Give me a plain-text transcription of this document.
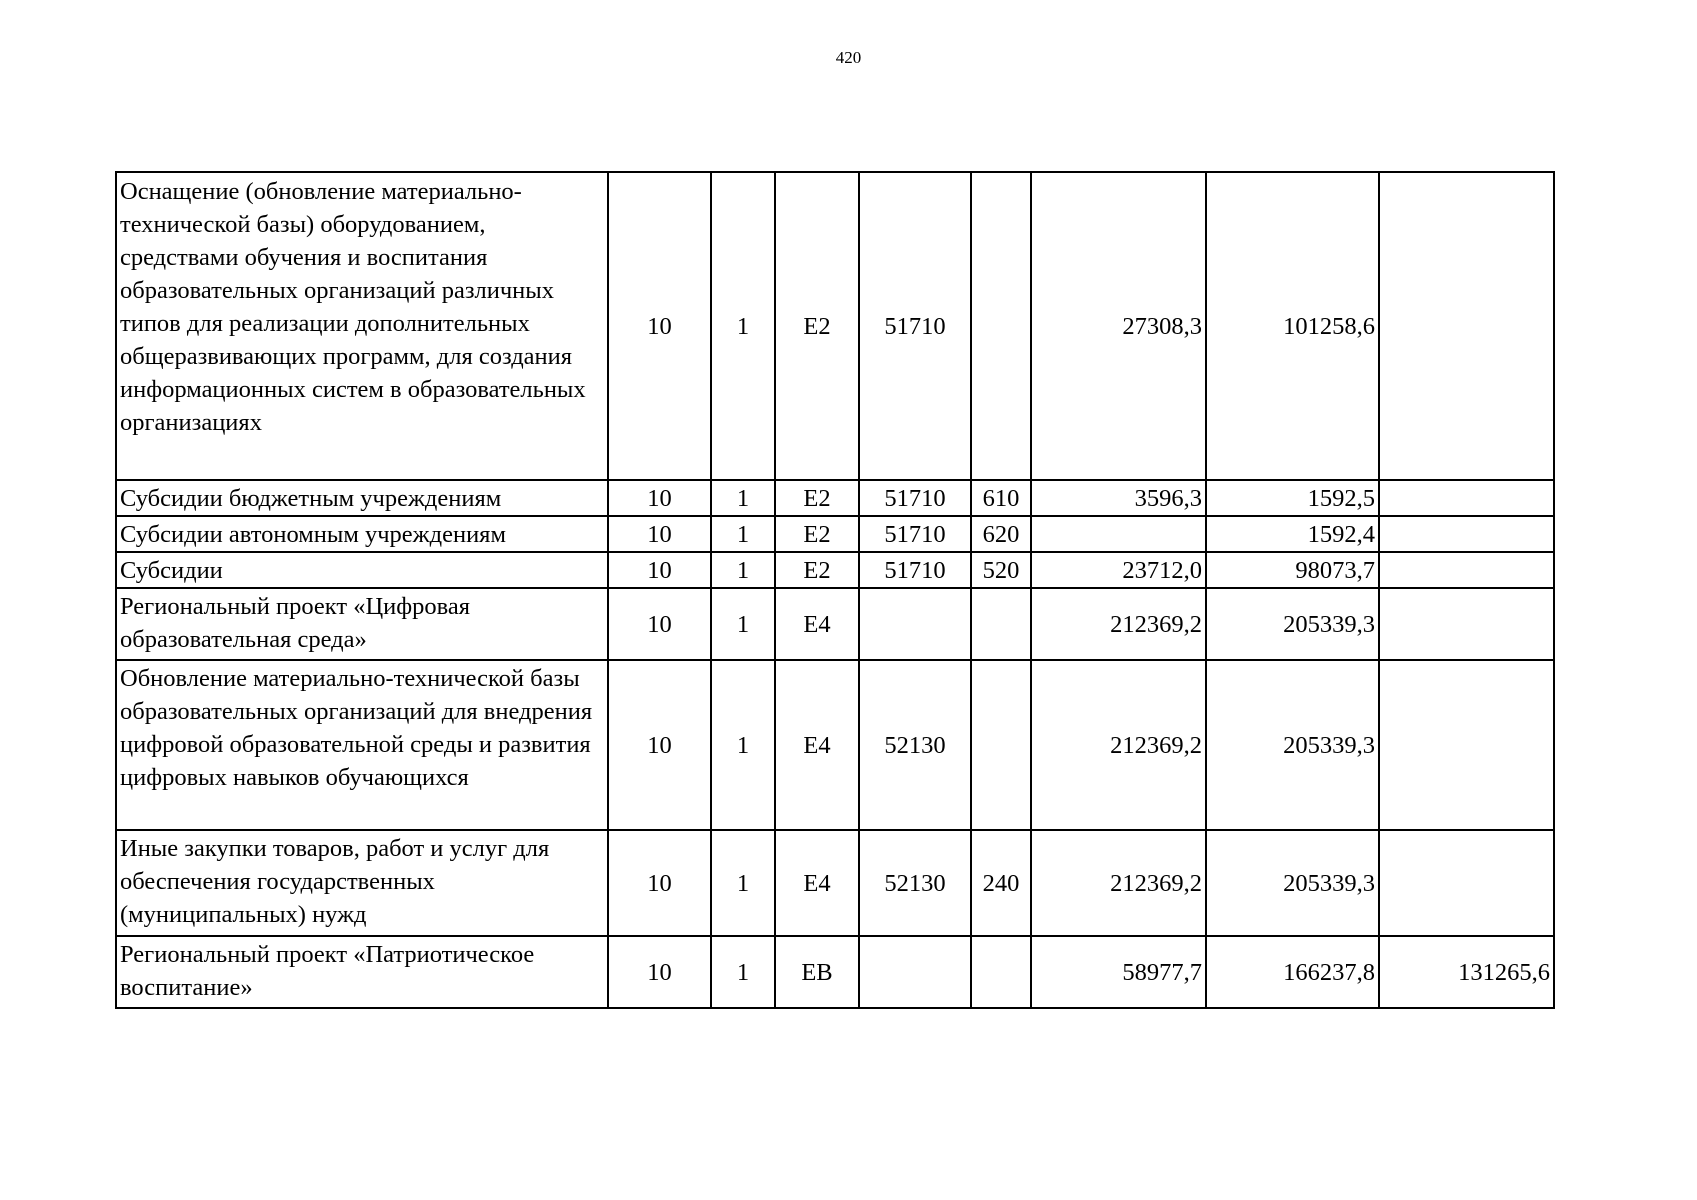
420
Оснащение (обновление материально-технической базы) оборудованием, средствами обучения и воспитания образовательных организаций различных типов для реализации дополнительных общеразвивающих программ, для создания информационных систем в образовательных организациях	10	1	Е2	51710		27308,3	101258,6	
Субсидии бюджетным учреждениям	10	1	Е2	51710	610	3596,3	1592,5	
Субсидии автономным учреждениям	10	1	Е2	51710	620		1592,4	
Субсидии	10	1	Е2	51710	520	23712,0	98073,7	
Региональный проект «Цифровая образовательная среда»	10	1	Е4			212369,2	205339,3	
Обновление материально-технической базы образовательных организаций для внедрения цифровой образовательной среды и развития цифровых навыков обучающихся	10	1	Е4	52130		212369,2	205339,3	
Иные закупки товаров, работ и услуг для обеспечения государственных (муниципальных) нужд	10	1	Е4	52130	240	212369,2	205339,3	
Региональный проект «Патриотическое воспитание»	10	1	ЕВ			58977,7	166237,8	131265,6
